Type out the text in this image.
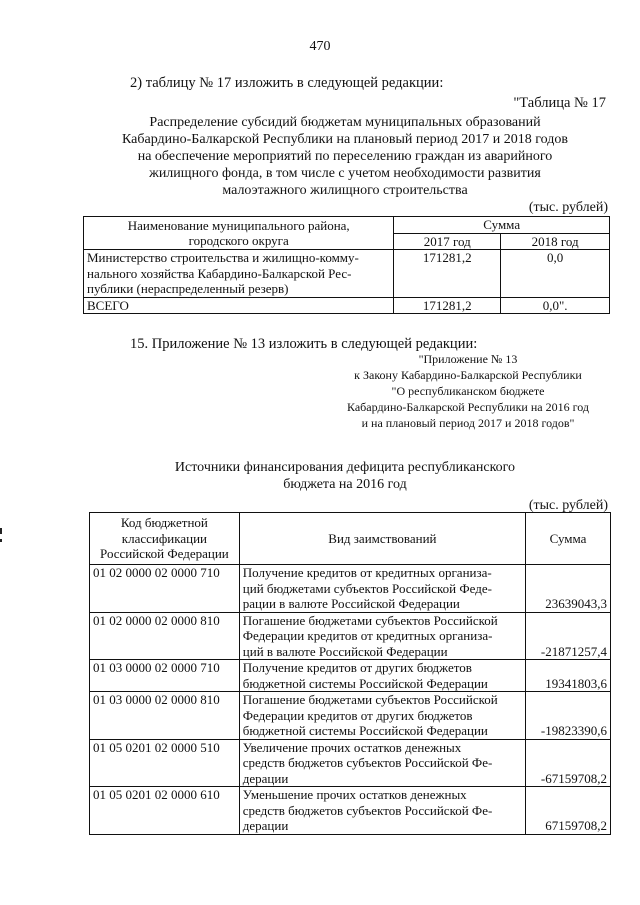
470
2) таблицу № 17 изложить в следующей редакции:
"Таблица № 17
Распределение субсидий бюджетам муниципальных образований
Кабардино-Балкарской Республики на плановый период 2017 и 2018 годов
на обеспечение мероприятий по переселению граждан из аварийного
жилищного фонда, в том числе с учетом необходимости развития
малоэтажного жилищного строительства
(тыс. рублей)
Наименование муниципального района,
городского округа	Сумма	
	2017 год	2018 год

Министерство строительства и жилищно-комму-
нального хозяйства Кабардино-Балкарской Рес-
публики (нераспределенный резерв)	171281,2	0,0
ВСЕГО	171281,2	0,0".
15. Приложение № 13 изложить в следующей редакции:
"Приложение № 13
к Закону Кабардино-Балкарской Республики
"О республиканском бюджете
Кабардино-Балкарской Республики на 2016 год
и на плановый период 2017 и 2018 годов"
Источники финансирования дефицита республиканского
бюджета на 2016 год
(тыс. рублей)
Код бюджетной
классификации
Российской Федерации	Вид заимствований	Сумма
01 02 0000 02 0000 710	Получение кредитов от кредитных организа-
ций бюджетами субъектов Российской Феде-
рации в валюте Российской Федерации	23639043,3
01 02 0000 02 0000 810	Погашение бюджетами субъектов Российской
Федерации кредитов от кредитных организа-
ций в валюте Российской Федерации	-21871257,4
01 03 0000 02 0000 710	Получение кредитов от других бюджетов
бюджетной системы Российской Федерации	19341803,6
01 03 0000 02 0000 810	Погашение бюджетами субъектов Российской
Федерации кредитов от других бюджетов
бюджетной системы Российской Федерации	-19823390,6
01 05 0201 02 0000 510	Увеличение прочих остатков денежных
средств бюджетов субъектов Российской Фе-
дерации	-67159708,2
01 05 0201 02 0000 610	Уменьшение прочих остатков денежных
средств бюджетов субъектов Российской Фе-
дерации	67159708,2
